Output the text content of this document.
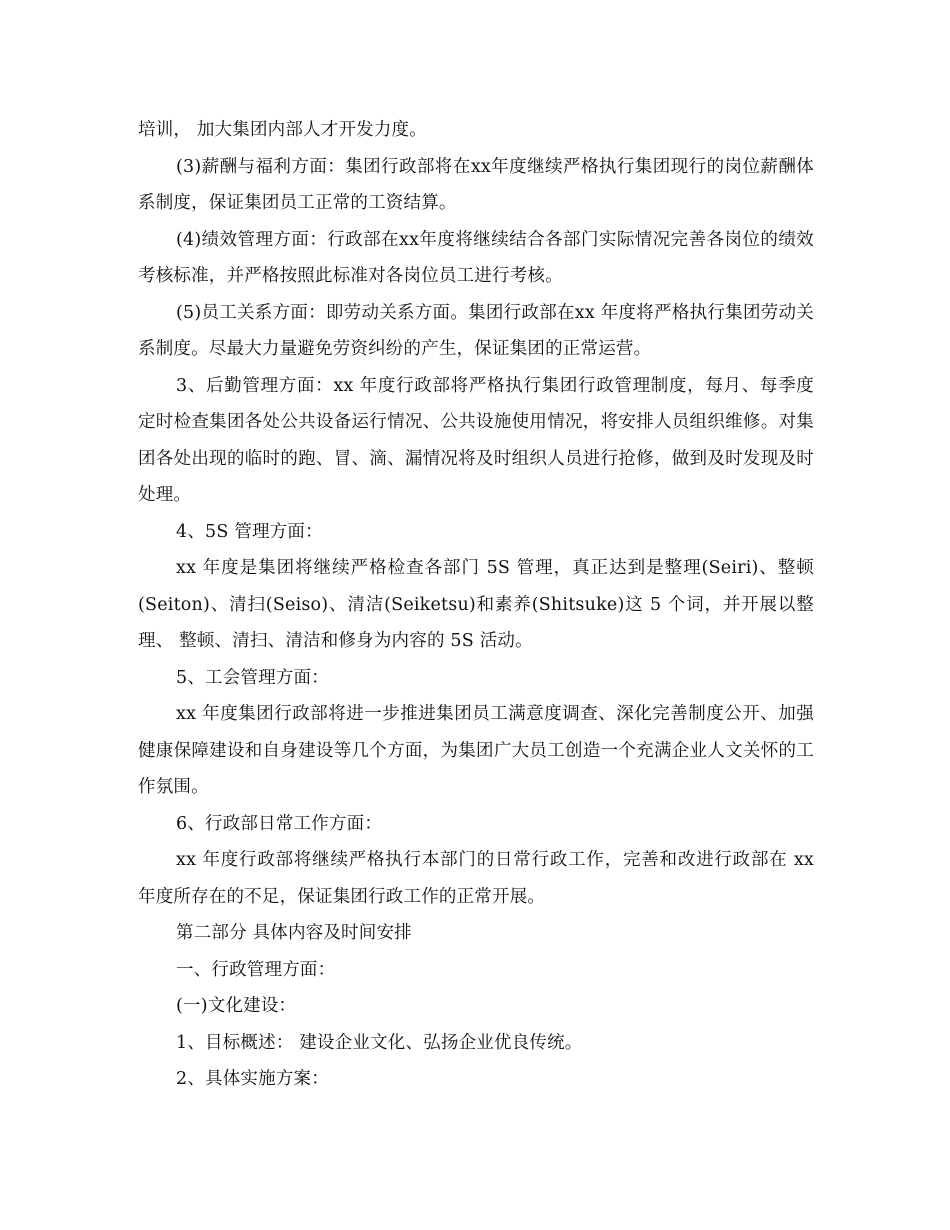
培训， 加大集团内部人才开发力度。

(3)薪酬与福利方面：集团行政部将在xx年度继续严格执行集团现行的岗位薪酬体系制度，保证集团员工正常的工资结算。

(4)绩效管理方面：行政部在xx年度将继续结合各部门实际情况完善各岗位的绩效考核标准，并严格按照此标准对各岗位员工进行考核。

(5)员工关系方面：即劳动关系方面。集团行政部在xx 年度将严格执行集团劳动关系制度。尽最大力量避免劳资纠纷的产生，保证集团的正常运营。

3、后勤管理方面：xx 年度行政部将严格执行集团行政管理制度，每月、每季度定时检查集团各处公共设备运行情况、公共设施使用情况，将安排人员组织维修。对集团各处出现的临时的跑、冒、滴、漏情况将及时组织人员进行抢修，做到及时发现及时处理。

4、5S 管理方面：

xx 年度是集团将继续严格检查各部门 5S 管理，真正达到是整理(Seiri)、整顿(Seiton)、清扫(Seiso)、清洁(Seiketsu)和素养(Shitsuke)这 5 个词，并开展以整理、 整顿、清扫、清洁和修身为内容的 5S 活动。

5、工会管理方面：

xx 年度集团行政部将进一步推进集团员工满意度调查、深化完善制度公开、加强 健康保障建设和自身建设等几个方面，为集团广大员工创造一个充满企业人文关怀的工作氛围。

6、行政部日常工作方面：

xx 年度行政部将继续严格执行本部门的日常行政工作，完善和改进行政部在 xx 年度所存在的不足，保证集团行政工作的正常开展。

第二部分 具体内容及时间安排

一、行政管理方面：

(一)文化建设：

1、目标概述： 建设企业文化、弘扬企业优良传统。

2、具体实施方案：
